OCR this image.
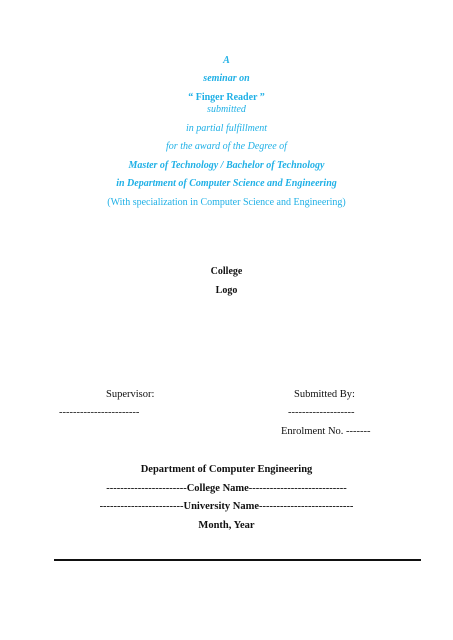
A
seminar on
“ Finger Reader ”
submitted
in partial fulfillment
for the award of the Degree of
Master of Technology / Bachelor of Technology
in Department of Computer Science and Engineering
(With specialization in Computer Science and Engineering)
College
Logo
Supervisor:	Submitted By:
-----------------------	-------------------
Enrolment No. -------
Department of Computer Engineering
-----------------------College Name----------------------------
------------------------University Name---------------------------
Month, Year
